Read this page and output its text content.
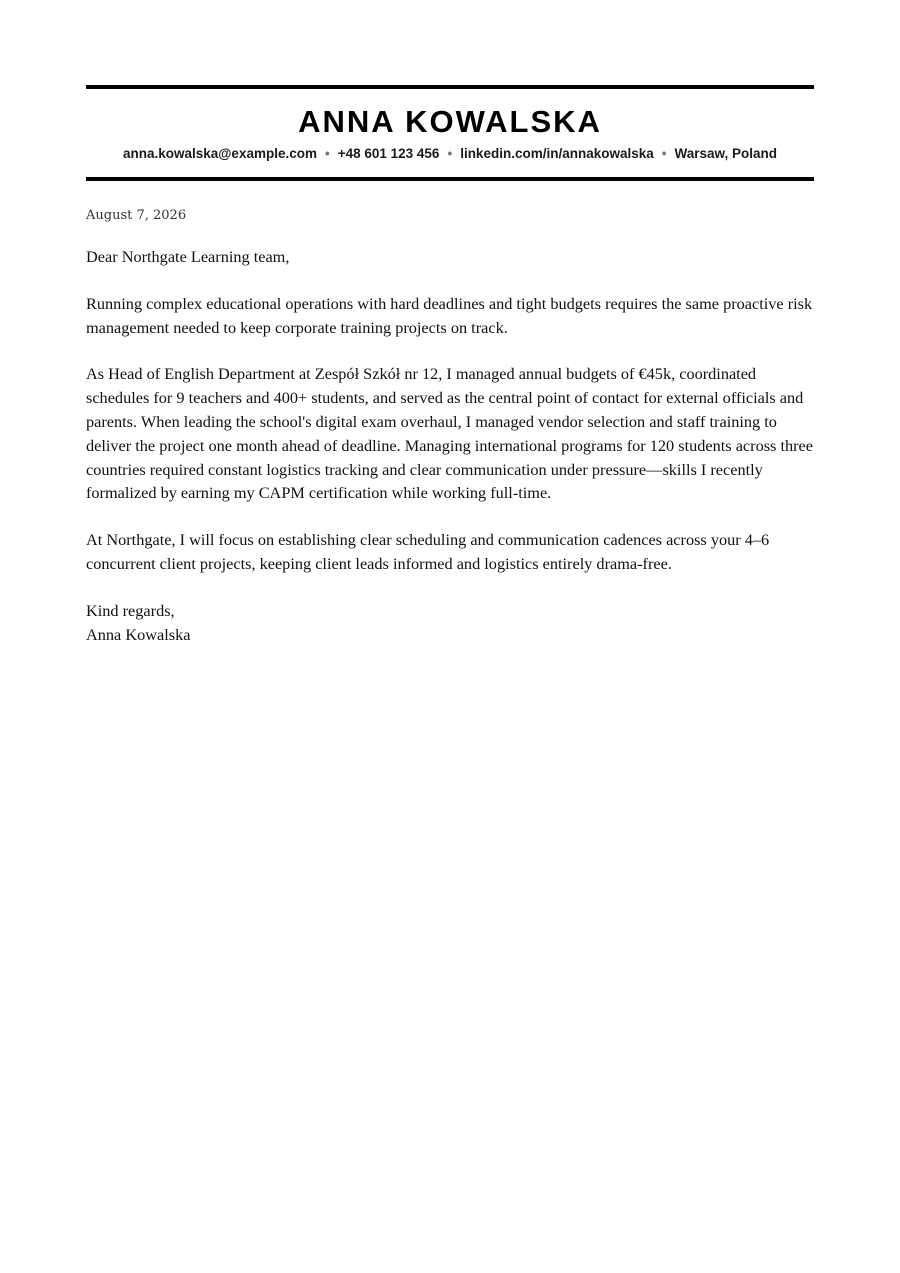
ANNA KOWALSKA
anna.kowalska@example.com • +48 601 123 456 • linkedin.com/in/annakowalska • Warsaw, Poland
August 7, 2026
Dear Northgate Learning team,
Running complex educational operations with hard deadlines and tight budgets requires the same proactive risk management needed to keep corporate training projects on track.
As Head of English Department at Zespół Szkół nr 12, I managed annual budgets of €45k, coordinated schedules for 9 teachers and 400+ students, and served as the central point of contact for external officials and parents. When leading the school's digital exam overhaul, I managed vendor selection and staff training to deliver the project one month ahead of deadline. Managing international programs for 120 students across three countries required constant logistics tracking and clear communication under pressure—skills I recently formalized by earning my CAPM certification while working full-time.
At Northgate, I will focus on establishing clear scheduling and communication cadences across your 4–6 concurrent client projects, keeping client leads informed and logistics entirely drama-free.
Kind regards,
Anna Kowalska
